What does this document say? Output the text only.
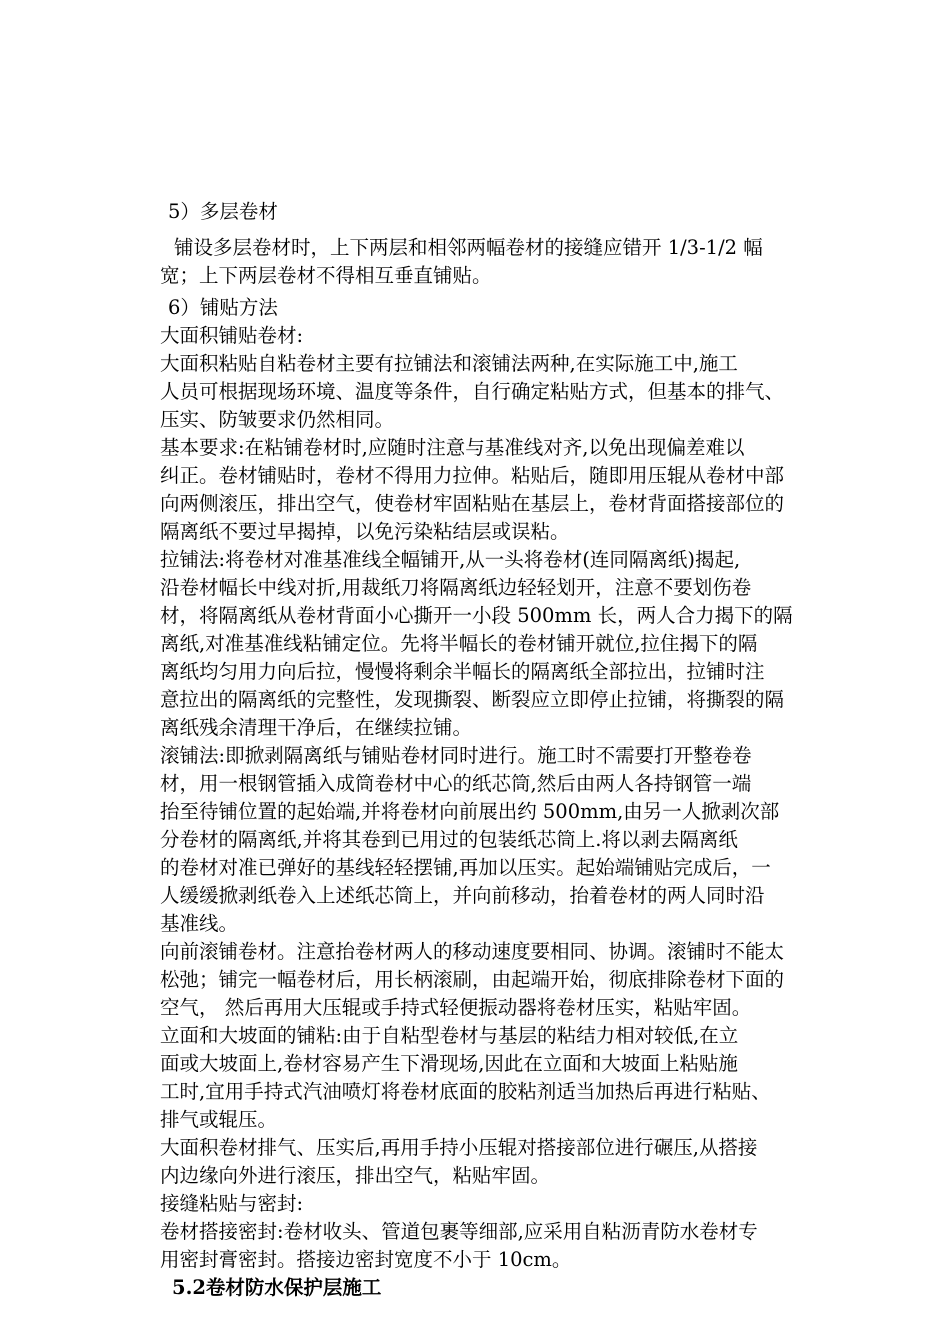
5）多层卷材
铺设多层卷材时，上下两层和相邻两幅卷材的接缝应错开 1/3-1/2 幅
宽；上下两层卷材不得相互垂直铺贴。
6）铺贴方法
大面积铺贴卷材:
大面积粘贴自粘卷材主要有拉铺法和滚铺法两种,在实际施工中,施工
人员可根据现场环境、温度等条件，自行确定粘贴方式，但基本的排气、
压实、防皱要求仍然相同。
基本要求:在粘铺卷材时,应随时注意与基准线对齐,以免出现偏差难以
纠正。卷材铺贴时，卷材不得用力拉伸。粘贴后，随即用压辊从卷材中部
向两侧滚压，排出空气，使卷材牢固粘贴在基层上，卷材背面搭接部位的
隔离纸不要过早揭掉，以免污染粘结层或误粘。
拉铺法:将卷材对准基准线全幅铺开,从一头将卷材(连同隔离纸)揭起,
沿卷材幅长中线对折,用裁纸刀将隔离纸边轻轻划开，注意不要划伤卷
材，将隔离纸从卷材背面小心撕开一小段 500mm 长，两人合力揭下的隔
离纸,对准基准线粘铺定位。先将半幅长的卷材铺开就位,拉住揭下的隔
离纸均匀用力向后拉，慢慢将剩余半幅长的隔离纸全部拉出，拉铺时注
意拉出的隔离纸的完整性，发现撕裂、断裂应立即停止拉铺，将撕裂的隔
离纸残余清理干净后，在继续拉铺。
滚铺法:即掀剥隔离纸与铺贴卷材同时进行。施工时不需要打开整卷卷
材，用一根钢管插入成筒卷材中心的纸芯筒,然后由两人各持钢管一端
抬至待铺位置的起始端,并将卷材向前展出约 500mm,由另一人掀剥次部
分卷材的隔离纸,并将其卷到已用过的包装纸芯筒上.将以剥去隔离纸
的卷材对准已弹好的基线轻轻摆铺,再加以压实。起始端铺贴完成后，一
人缓缓掀剥纸卷入上述纸芯筒上，并向前移动，抬着卷材的两人同时沿
基准线。
向前滚铺卷材。注意抬卷材两人的移动速度要相同、协调。滚铺时不能太
松弛；铺完一幅卷材后，用长柄滚刷，由起端开始，彻底排除卷材下面的
空气， 然后再用大压辊或手持式轻便振动器将卷材压实，粘贴牢固。
立面和大坡面的铺粘:由于自粘型卷材与基层的粘结力相对较低,在立
面或大坡面上,卷材容易产生下滑现场,因此在立面和大坡面上粘贴施
工时,宜用手持式汽油喷灯将卷材底面的胶粘剂适当加热后再进行粘贴、
排气或辊压。
大面积卷材排气、压实后,再用手持小压辊对搭接部位进行碾压,从搭接
内边缘向外进行滚压，排出空气，粘贴牢固。
接缝粘贴与密封:
卷材搭接密封:卷材收头、管道包裹等细部,应采用自粘沥青防水卷材专
用密封膏密封。搭接边密封宽度不小于 10cm。
5.2卷材防水保护层施工
